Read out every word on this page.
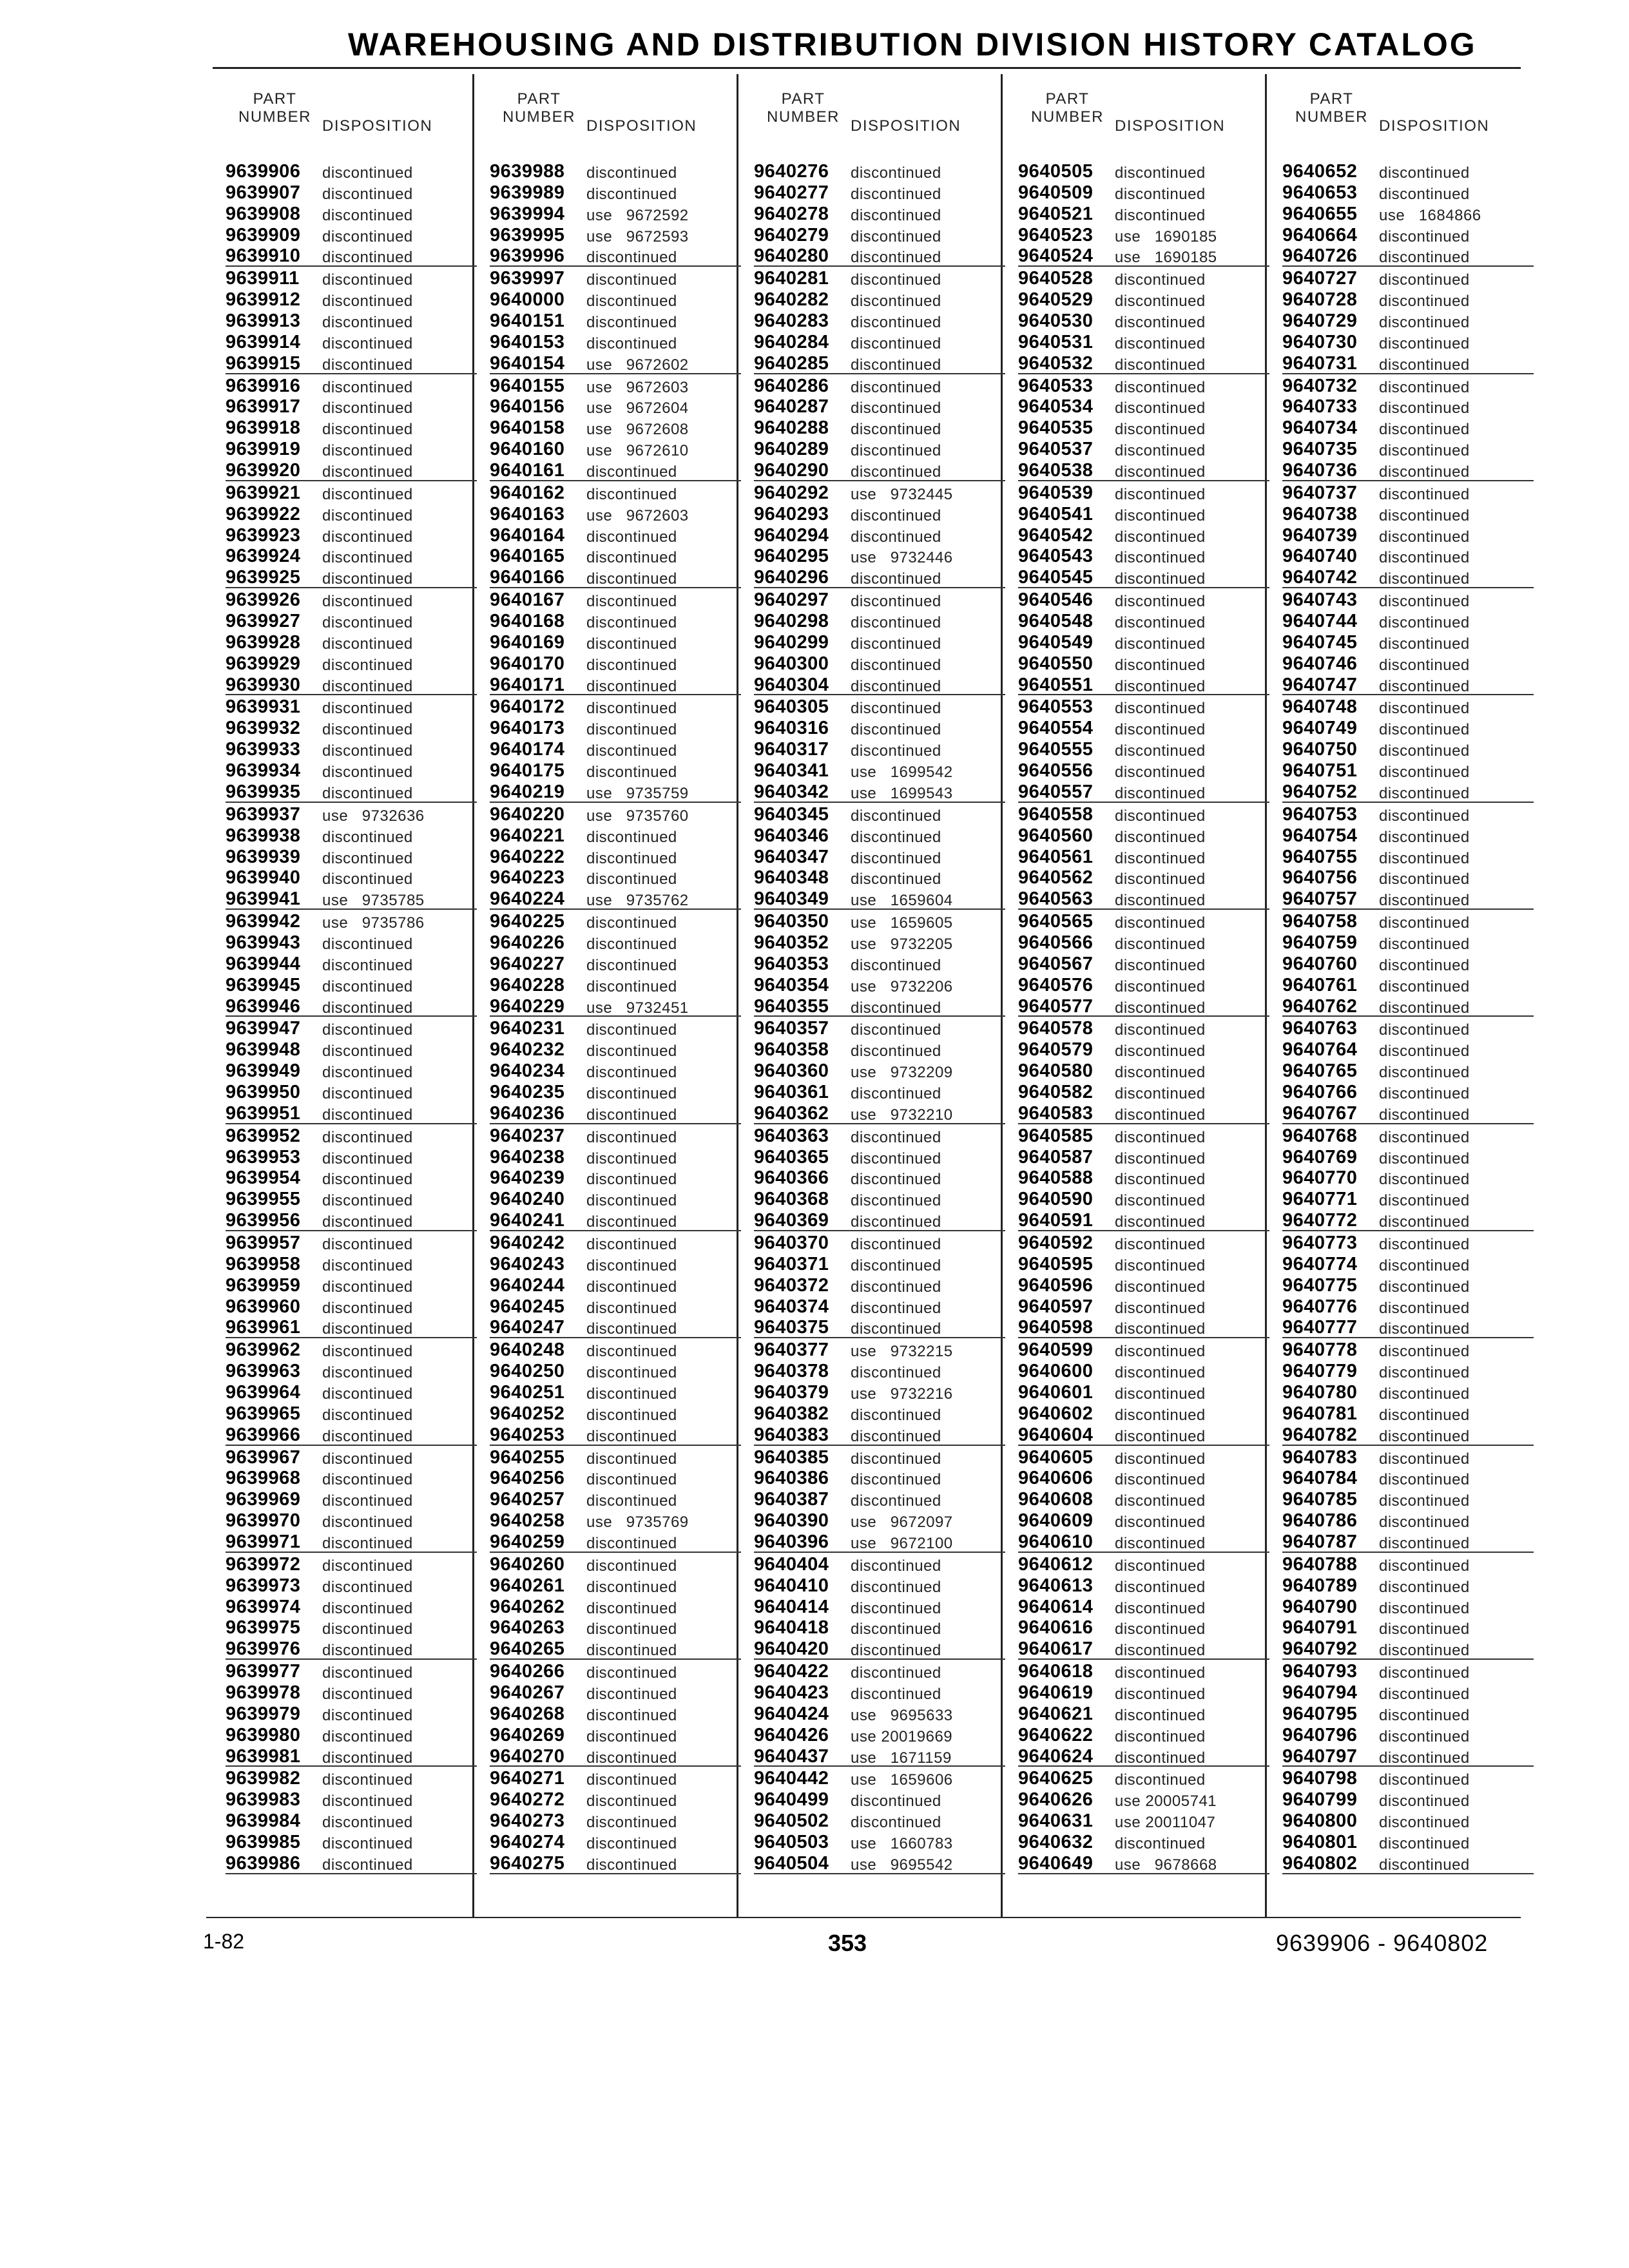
WAREHOUSING AND DISTRIBUTION DIVISION HISTORY CATALOG
PART
NUMBER
DISPOSITION
9639906 discontinued
9639907 discontinued
9639908 discontinued
9639909 discontinued
9639910 discontinued
9639911 discontinued
9639912 discontinued
9639913 discontinued
9639914 discontinued
9639915 discontinued
9639916 discontinued
9639917 discontinued
9639918 discontinued
9639919 discontinued
9639920 discontinued
9639921 discontinued
9639922 discontinued
9639923 discontinued
9639924 discontinued
9639925 discontinued
9639926 discontinued
9639927 discontinued
9639928 discontinued
9639929 discontinued
9639930 discontinued
9639931 discontinued
9639932 discontinued
9639933 discontinued
9639934 discontinued
9639935 discontinued
9639937 use   9732636
9639938 discontinued
9639939 discontinued
9639940 discontinued
9639941 use   9735785
9639942 use   9735786
9639943 discontinued
9639944 discontinued
9639945 discontinued
9639946 discontinued
9639947 discontinued
9639948 discontinued
9639949 discontinued
9639950 discontinued
9639951 discontinued
9639952 discontinued
9639953 discontinued
9639954 discontinued
9639955 discontinued
9639956 discontinued
9639957 discontinued
9639958 discontinued
9639959 discontinued
9639960 discontinued
9639961 discontinued
9639962 discontinued
9639963 discontinued
9639964 discontinued
9639965 discontinued
9639966 discontinued
9639967 discontinued
9639968 discontinued
9639969 discontinued
9639970 discontinued
9639971 discontinued
9639972 discontinued
9639973 discontinued
9639974 discontinued
9639975 discontinued
9639976 discontinued
9639977 discontinued
9639978 discontinued
9639979 discontinued
9639980 discontinued
9639981 discontinued
9639982 discontinued
9639983 discontinued
9639984 discontinued
9639985 discontinued
9639986 discontinued
PART
NUMBER
DISPOSITION
9639988 discontinued
9639989 discontinued
9639994 use   9672592
9639995 use   9672593
9639996 discontinued
9639997 discontinued
9640000 discontinued
9640151 discontinued
9640153 discontinued
9640154 use   9672602
9640155 use   9672603
9640156 use   9672604
9640158 use   9672608
9640160 use   9672610
9640161 discontinued
9640162 discontinued
9640163 use   9672603
9640164 discontinued
9640165 discontinued
9640166 discontinued
9640167 discontinued
9640168 discontinued
9640169 discontinued
9640170 discontinued
9640171 discontinued
9640172 discontinued
9640173 discontinued
9640174 discontinued
9640175 discontinued
9640219 use   9735759
9640220 use   9735760
9640221 discontinued
9640222 discontinued
9640223 discontinued
9640224 use   9735762
9640225 discontinued
9640226 discontinued
9640227 discontinued
9640228 discontinued
9640229 use   9732451
9640231 discontinued
9640232 discontinued
9640234 discontinued
9640235 discontinued
9640236 discontinued
9640237 discontinued
9640238 discontinued
9640239 discontinued
9640240 discontinued
9640241 discontinued
9640242 discontinued
9640243 discontinued
9640244 discontinued
9640245 discontinued
9640247 discontinued
9640248 discontinued
9640250 discontinued
9640251 discontinued
9640252 discontinued
9640253 discontinued
9640255 discontinued
9640256 discontinued
9640257 discontinued
9640258 use   9735769
9640259 discontinued
9640260 discontinued
9640261 discontinued
9640262 discontinued
9640263 discontinued
9640265 discontinued
9640266 discontinued
9640267 discontinued
9640268 discontinued
9640269 discontinued
9640270 discontinued
9640271 discontinued
9640272 discontinued
9640273 discontinued
9640274 discontinued
9640275 discontinued
PART
NUMBER
DISPOSITION
9640276 discontinued
9640277 discontinued
9640278 discontinued
9640279 discontinued
9640280 discontinued
9640281 discontinued
9640282 discontinued
9640283 discontinued
9640284 discontinued
9640285 discontinued
9640286 discontinued
9640287 discontinued
9640288 discontinued
9640289 discontinued
9640290 discontinued
9640292 use   9732445
9640293 discontinued
9640294 discontinued
9640295 use   9732446
9640296 discontinued
9640297 discontinued
9640298 discontinued
9640299 discontinued
9640300 discontinued
9640304 discontinued
9640305 discontinued
9640316 discontinued
9640317 discontinued
9640341 use   1699542
9640342 use   1699543
9640345 discontinued
9640346 discontinued
9640347 discontinued
9640348 discontinued
9640349 use   1659604
9640350 use   1659605
9640352 use   9732205
9640353 discontinued
9640354 use   9732206
9640355 discontinued
9640357 discontinued
9640358 discontinued
9640360 use   9732209
9640361 discontinued
9640362 use   9732210
9640363 discontinued
9640365 discontinued
9640366 discontinued
9640368 discontinued
9640369 discontinued
9640370 discontinued
9640371 discontinued
9640372 discontinued
9640374 discontinued
9640375 discontinued
9640377 use   9732215
9640378 discontinued
9640379 use   9732216
9640382 discontinued
9640383 discontinued
9640385 discontinued
9640386 discontinued
9640387 discontinued
9640390 use   9672097
9640396 use   9672100
9640404 discontinued
9640410 discontinued
9640414 discontinued
9640418 discontinued
9640420 discontinued
9640422 discontinued
9640423 discontinued
9640424 use   9695633
9640426 use 20019669
9640437 use   1671159
9640442 use   1659606
9640499 discontinued
9640502 discontinued
9640503 use   1660783
9640504 use   9695542
PART
NUMBER
DISPOSITION
9640505 discontinued
9640509 discontinued
9640521 discontinued
9640523 use   1690185
9640524 use   1690185
9640528 discontinued
9640529 discontinued
9640530 discontinued
9640531 discontinued
9640532 discontinued
9640533 discontinued
9640534 discontinued
9640535 discontinued
9640537 discontinued
9640538 discontinued
9640539 discontinued
9640541 discontinued
9640542 discontinued
9640543 discontinued
9640545 discontinued
9640546 discontinued
9640548 discontinued
9640549 discontinued
9640550 discontinued
9640551 discontinued
9640553 discontinued
9640554 discontinued
9640555 discontinued
9640556 discontinued
9640557 discontinued
9640558 discontinued
9640560 discontinued
9640561 discontinued
9640562 discontinued
9640563 discontinued
9640565 discontinued
9640566 discontinued
9640567 discontinued
9640576 discontinued
9640577 discontinued
9640578 discontinued
9640579 discontinued
9640580 discontinued
9640582 discontinued
9640583 discontinued
9640585 discontinued
9640587 discontinued
9640588 discontinued
9640590 discontinued
9640591 discontinued
9640592 discontinued
9640595 discontinued
9640596 discontinued
9640597 discontinued
9640598 discontinued
9640599 discontinued
9640600 discontinued
9640601 discontinued
9640602 discontinued
9640604 discontinued
9640605 discontinued
9640606 discontinued
9640608 discontinued
9640609 discontinued
9640610 discontinued
9640612 discontinued
9640613 discontinued
9640614 discontinued
9640616 discontinued
9640617 discontinued
9640618 discontinued
9640619 discontinued
9640621 discontinued
9640622 discontinued
9640624 discontinued
9640625 discontinued
9640626 use 20005741
9640631 use 20011047
9640632 discontinued
9640649 use   9678668
PART
NUMBER
DISPOSITION
9640652 discontinued
9640653 discontinued
9640655 use   1684866
9640664 discontinued
9640726 discontinued
9640727 discontinued
9640728 discontinued
9640729 discontinued
9640730 discontinued
9640731 discontinued
9640732 discontinued
9640733 discontinued
9640734 discontinued
9640735 discontinued
9640736 discontinued
9640737 discontinued
9640738 discontinued
9640739 discontinued
9640740 discontinued
9640742 discontinued
9640743 discontinued
9640744 discontinued
9640745 discontinued
9640746 discontinued
9640747 discontinued
9640748 discontinued
9640749 discontinued
9640750 discontinued
9640751 discontinued
9640752 discontinued
9640753 discontinued
9640754 discontinued
9640755 discontinued
9640756 discontinued
9640757 discontinued
9640758 discontinued
9640759 discontinued
9640760 discontinued
9640761 discontinued
9640762 discontinued
9640763 discontinued
9640764 discontinued
9640765 discontinued
9640766 discontinued
9640767 discontinued
9640768 discontinued
9640769 discontinued
9640770 discontinued
9640771 discontinued
9640772 discontinued
9640773 discontinued
9640774 discontinued
9640775 discontinued
9640776 discontinued
9640777 discontinued
9640778 discontinued
9640779 discontinued
9640780 discontinued
9640781 discontinued
9640782 discontinued
9640783 discontinued
9640784 discontinued
9640785 discontinued
9640786 discontinued
9640787 discontinued
9640788 discontinued
9640789 discontinued
9640790 discontinued
9640791 discontinued
9640792 discontinued
9640793 discontinued
9640794 discontinued
9640795 discontinued
9640796 discontinued
9640797 discontinued
9640798 discontinued
9640799 discontinued
9640800 discontinued
9640801 discontinued
9640802 discontinued
1-82	353	9639906 - 9640802
